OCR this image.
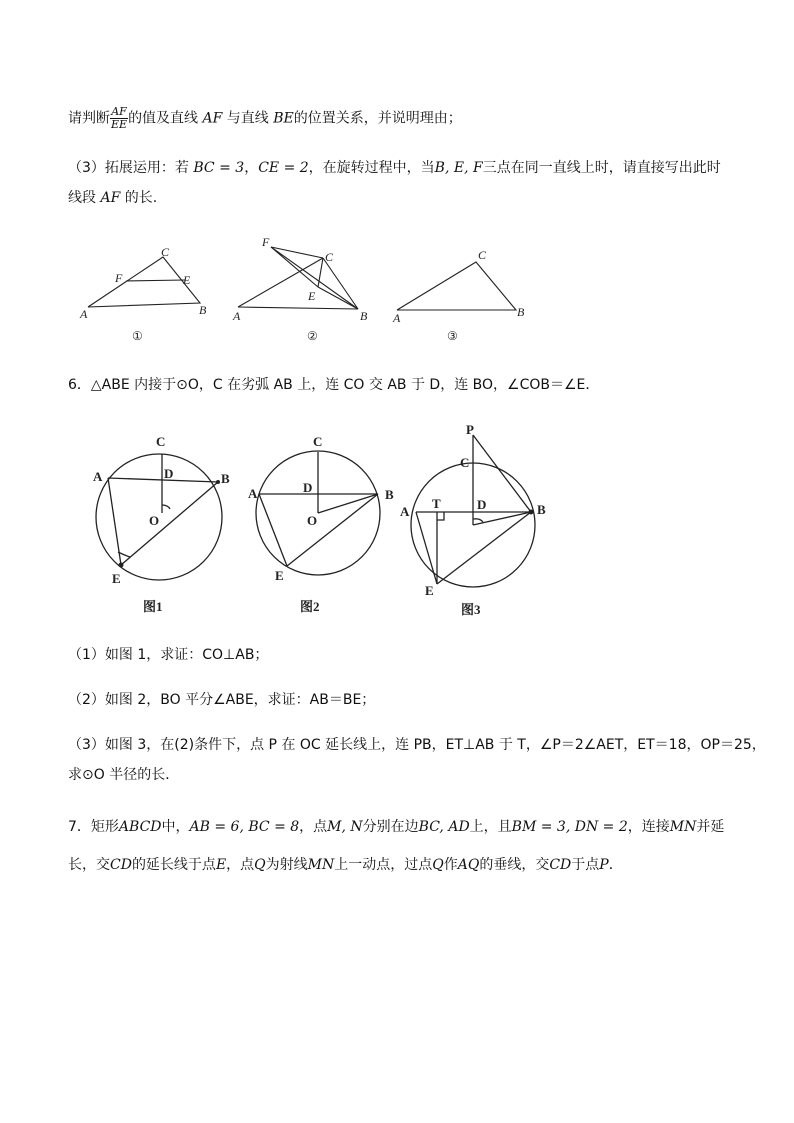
请判断 $\frac{AF}{EE}$ 的值及直线 AF 与直线 BE的位置关系，并说明理由；
（3）拓展运用：若 BC = 3，CE = 2，在旋转过程中，当B, E, F三点在同一直线上时，请直接写出此时
线段 AF 的长.
C
F	E
A	B
F
C
E
A	B
C
A	B
①	②	③
6．△ABE 内接于⊙O，C 在劣弧 AB 上，连 CO 交 AB 于 D，连 BO，∠COB＝∠E．
C
D
A	B
O
E
C
D
A	B
O
E
P
C
T	D
A	B
E
图1	图2	图3
（1）如图 1，求证：CO⊥AB；
（2）如图 2，BO 平分∠ABE，求证：AB＝BE；
（3）如图 3，在(2)条件下，点 P 在 OC 延长线上，连 PB，ET⊥AB 于 T，∠P＝2∠AET，ET＝18，OP＝25，
求⊙O 半径的长．
7．矩形ABCD中，AB = 6, BC = 8，点M, N分别在边BC, AD上，且BM = 3, DN = 2，连接MN并延
长，交CD的延长线于点E，点Q为射线MN上一动点，过点Q作AQ的垂线，交CD于点P．
